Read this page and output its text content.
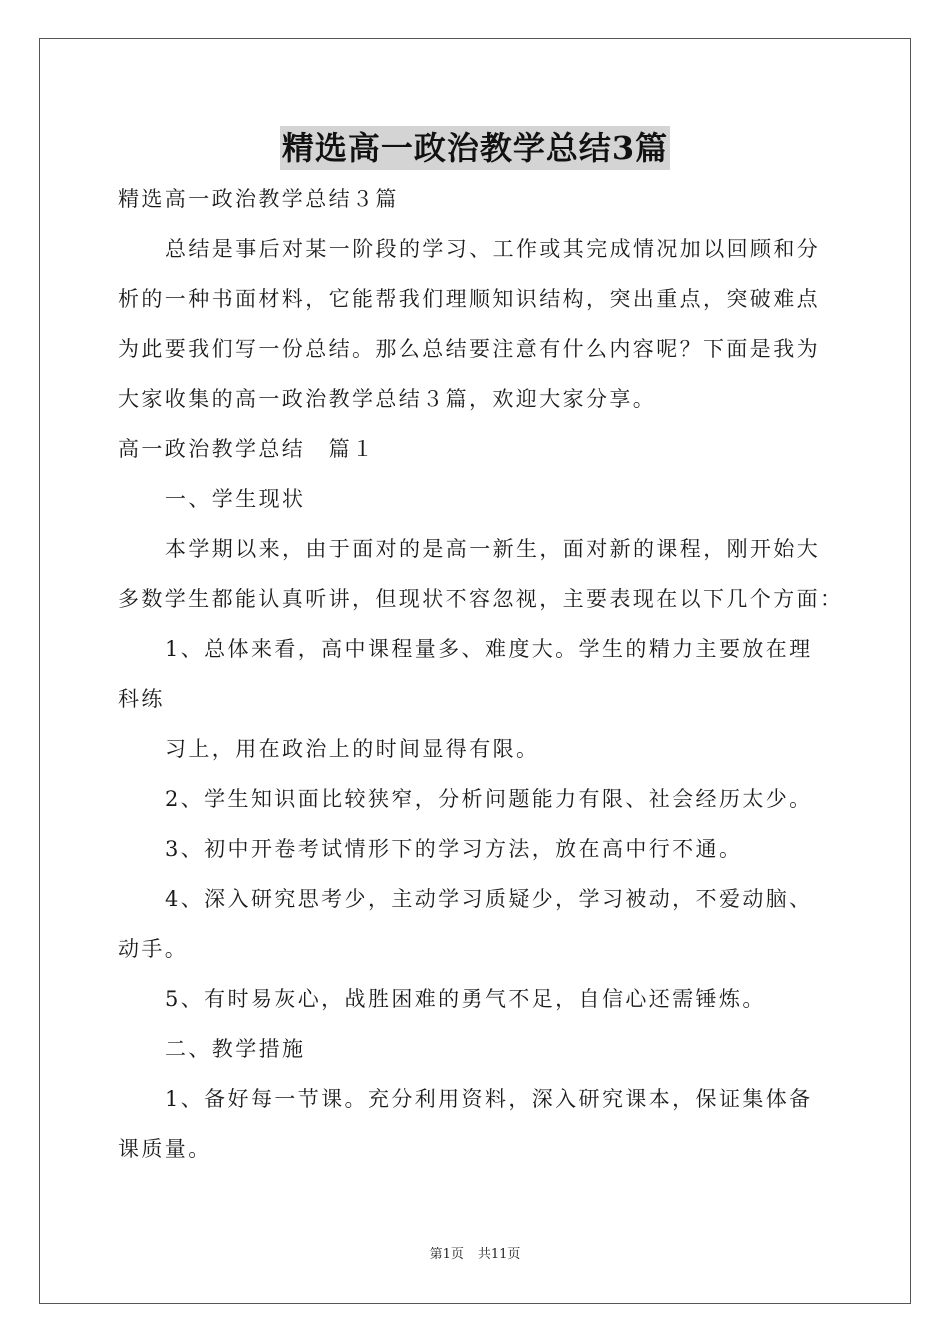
精选高一政治教学总结3篇
精选高一政治教学总结３篇
总结是事后对某一阶段的学习、工作或其完成情况加以回顾和分
析的一种书面材料，它能帮我们理顺知识结构，突出重点，突破难点
为此要我们写一份总结。那么总结要注意有什么内容呢？下面是我为
大家收集的高一政治教学总结３篇，欢迎大家分享。
高一政治教学总结　篇１
一、学生现状
本学期以来，由于面对的是高一新生，面对新的课程，刚开始大
多数学生都能认真听讲，但现状不容忽视，主要表现在以下几个方面：
1、总体来看，高中课程量多、难度大。学生的精力主要放在理
科练
习上，用在政治上的时间显得有限。
2、学生知识面比较狭窄，分析问题能力有限、社会经历太少。
3、初中开卷考试情形下的学习方法，放在高中行不通。
4、深入研究思考少，主动学习质疑少，学习被动，不爱动脑、
动手。
5、有时易灰心，战胜困难的勇气不足，自信心还需锤炼。
二、教学措施
1、备好每一节课。充分利用资料，深入研究课本，保证集体备
课质量。
第1页 共11页
